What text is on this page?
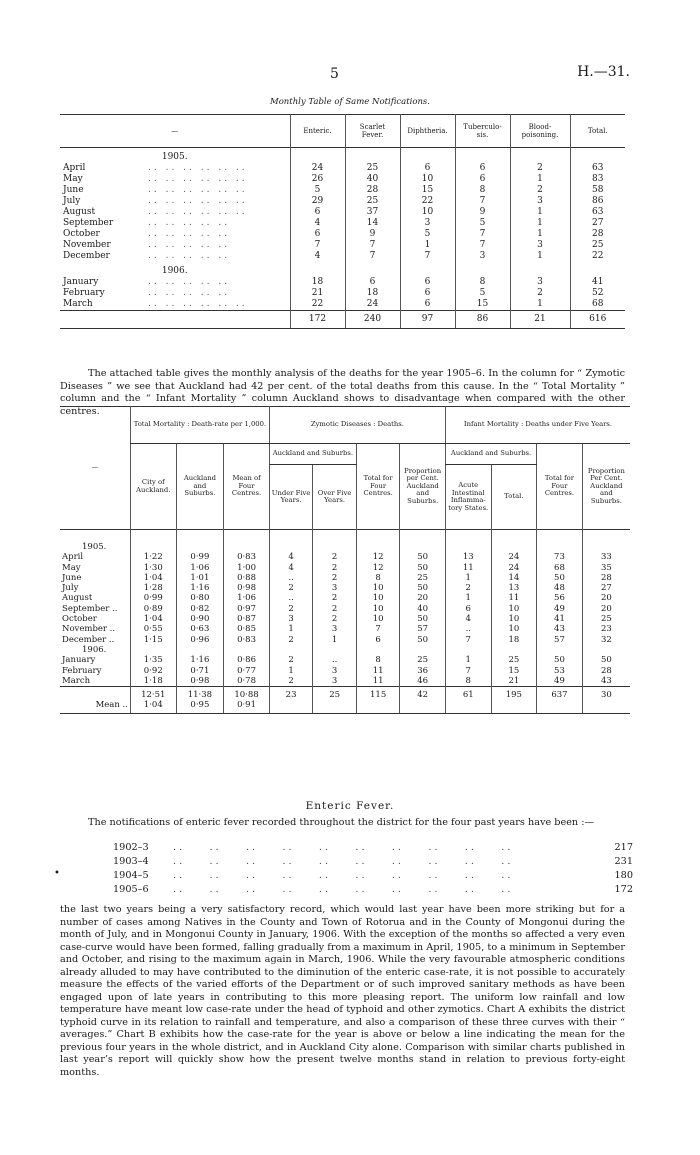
5	H.—31.
Monthly Table of Same Notifications.
—	Enteric.	Scarlet Fever.	Diphtheria.	Tuberculo- sis.	Blood- poisoning.	Total.
1905.						
April .. .. .. .. .. ..	24	25	6	6	2	63
May .. .. .. .. .. ..	26	40	10	6	1	83
June .. .. .. .. .. ..	5	28	15	8	2	58
July .. .. .. .. .. ..	29	25	22	7	3	86
August .. .. .. .. .. ..	6	37	10	9	1	63
September .. .. .. .. ..	4	14	3	5	1	27
October .. .. .. .. ..	6	9	5	7	1	28
November .. .. .. .. ..	7	7	1	7	3	25
December .. .. .. .. ..	4	7	7	3	1	22
1906.						
January .. .. .. .. ..	18	6	6	8	3	41
February .. .. .. .. ..	21	18	6	5	2	52
March .. .. .. .. .. ..	22	24	6	15	1	68
	172	240	97	86	21	616
The attached table gives the monthly analysis of the deaths for the year 1905–6. In the column for “ Zymotic Diseases ” we see that Auckland had 42 per cent. of the total deaths from this cause. In the “ Total Mortality ” column and the “ Infant Mortality ” column Auckland shows to disadvantage when compared with the other centres.
—	Total Mortality : Death-rate per 1,000.			Zymotic Diseases : Deaths.				Infant Mortality : Deaths under Five Years.			
	City of Auckland.	Auckland and Suburbs.	Mean of Four Centres.	Auckland and Suburbs.		Total for Four Centres.	Proportion per Cent. Auckland and Suburbs.	Auckland and Suburbs.		Total for Four Centres.	Proportion Per Cent. Auckland and Suburbs.
				Under Five Years.	Over Five Years.			Acute Intestinal Inflamma- tory States.	Total.		
1905.											
April	1·22	0·99	0·83	4	2	12	50	13	24	73	33
May	1·30	1·06	1·00	4	2	12	50	11	24	68	35
June	1·04	1·01	0·88	..	2	8	25	1	14	50	28
July	1·28	1·16	0·98	2	3	10	50	2	13	48	27
August	0·99	0·80	1·06	..	2	10	20	1	11	56	20
September ..	0·89	0·82	0·97	2	2	10	40	6	10	49	20
October	1·04	0·90	0·87	3	2	10	50	4	10	41	25
November ..	0·55	0·63	0·85	1	3	7	57	..	10	43	23
December ..	1·15	0·96	0·83	2	1	6	50	7	18	57	32
1906.											
January	1·35	1·16	0·86	2	..	8	25	1	25	50	50
February	0·92	0·71	0·77	1	3	11	36	7	15	53	28
March	1·18	0·98	0·78	2	3	11	46	8	21	49	43
	12·51	11·38	10·88	23	25	115	42	61	195	637	30
Mean ..	1·04	0·95	0·91								
Enteric Fever.
The notifications of enteric fever recorded throughout the district for the four past years have been :—
1902–3	..    ..    ..    ..    ..    ..    ..    ..    ..    ..	217
1903–4	..    ..    ..    ..    ..    ..    ..    ..    ..    ..	231
1904–5	..    ..    ..    ..    ..    ..    ..    ..    ..    ..	180
1905–6	..    ..    ..    ..    ..    ..    ..    ..    ..    ..	172
•
the last two years being a very satisfactory record, which would last year have been more striking but for a number of cases among Natives in the County and Town of Rotorua and in the County of Mongonui during the month of July, and in Mongonui County in January, 1906. With the exception of the months so affected a very even case-curve would have been formed, falling gradually from a maximum in April, 1905, to a minimum in September and October, and rising to the maximum again in March, 1906. While the very favourable atmospheric conditions already alluded to may have contributed to the diminution of the enteric case-rate, it is not possible to accurately measure the effects of the varied efforts of the Department or of such improved sanitary methods as have been engaged upon of late years in contributing to this more pleasing report. The uniform low rainfall and low temperature have meant low case-rate under the head of typhoid and other zymotics. Chart A exhibits the district typhoid curve in its relation to rainfall and temperature, and also a comparison of these three curves with their “ averages.” Chart B exhibits how the case-rate for the year is above or below a line indicating the mean for the previous four years in the whole district, and in Auckland City alone. Comparison with similar charts published in last year’s report will quickly show how the present twelve months stand in relation to previous forty-eight months.
